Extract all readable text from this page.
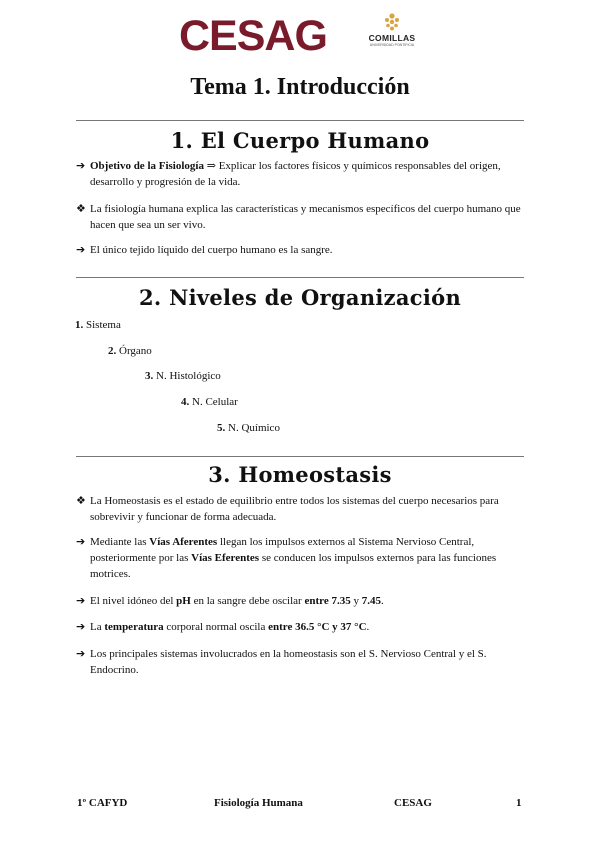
CESAG	COMILLAS
UNIVERSIDAD PONTIFICIA
Tema 1. Introducción
1. El Cuerpo Humano
➔ Objetivo de la Fisiología ⇒ Explicar los factores físicos y químicos responsables del origen, desarrollo y progresión de la vida.
❖ La fisiología humana explica las características y mecanismos específicos del cuerpo humano que hacen que sea un ser vivo.
➔ El único tejido líquido del cuerpo humano es la sangre.
2. Niveles de Organización
1. Sistema
2. Órgano
3. N. Histológico
4. N. Celular
5. N. Químico
3. Homeostasis
❖ La Homeostasis es el estado de equilibrio entre todos los sistemas del cuerpo necesarios para sobrevivir y funcionar de forma adecuada.
➔ Mediante las Vías Aferentes llegan los impulsos externos al Sistema Nervioso Central, posteriormente por las Vías Eferentes se conducen los impulsos externos para las funciones motrices.
➔ El nivel idóneo del pH en la sangre debe oscilar entre 7.35 y 7.45.
➔ La temperatura corporal normal oscila entre 36.5 °C y 37 °C.
➔ Los principales sistemas involucrados en la homeostasis son el S. Nervioso Central y el S. Endocrino.
1º CAFYD	Fisiología Humana	CESAG	1
